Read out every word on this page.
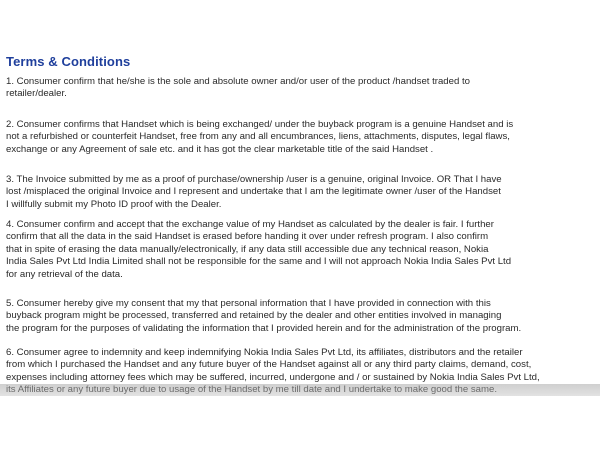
Terms & Conditions

1. Consumer confirm that he/she is the sole and absolute owner and/or user of the product /handset traded to
retailer/dealer.

2. Consumer confirms that Handset which is being exchanged/ under the buyback program is a genuine Handset and is
not a refurbished or counterfeit Handset, free from any and all encumbrances, liens, attachments, disputes, legal flaws,
exchange or any Agreement of sale etc. and it has got the clear marketable title of the said Handset .

3. The Invoice submitted by me as a proof of purchase/ownership /user is a genuine, original Invoice. OR That I have
lost /misplaced the original Invoice and I represent and undertake that I am the legitimate owner /user of the Handset
I willfully submit my Photo ID proof with the Dealer.

4. Consumer confirm and accept that the exchange value of my Handset as calculated by the dealer is fair. I further
confirm that all the data in the said Handset is erased before handing it over under refresh program. I also confirm
that in spite of erasing the data manually/electronically, if any data still accessible due any technical reason, Nokia
India Sales Pvt Ltd India Limited shall not be responsible for the same and I will not approach Nokia India Sales Pvt Ltd
for any retrieval of the data.

5. Consumer hereby give my consent that my that personal information that I have provided in connection with this
buyback program might be processed, transferred and retained by the dealer and other entities involved in managing
the program for the purposes of validating the information that I provided herein and for the administration of the program.

6. Consumer agree to indemnity and keep indemnifying Nokia India Sales Pvt Ltd, its affiliates, distributors and the retailer
from which I purchased the Handset and any future buyer of the Handset against all or any third party claims, demand, cost,
expenses including attorney fees which may be suffered, incurred, undergone and / or sustained by Nokia India Sales Pvt Ltd,

its Affiliates or any future buyer due to usage of the Handset by me till date and I undertake to make good the same.
